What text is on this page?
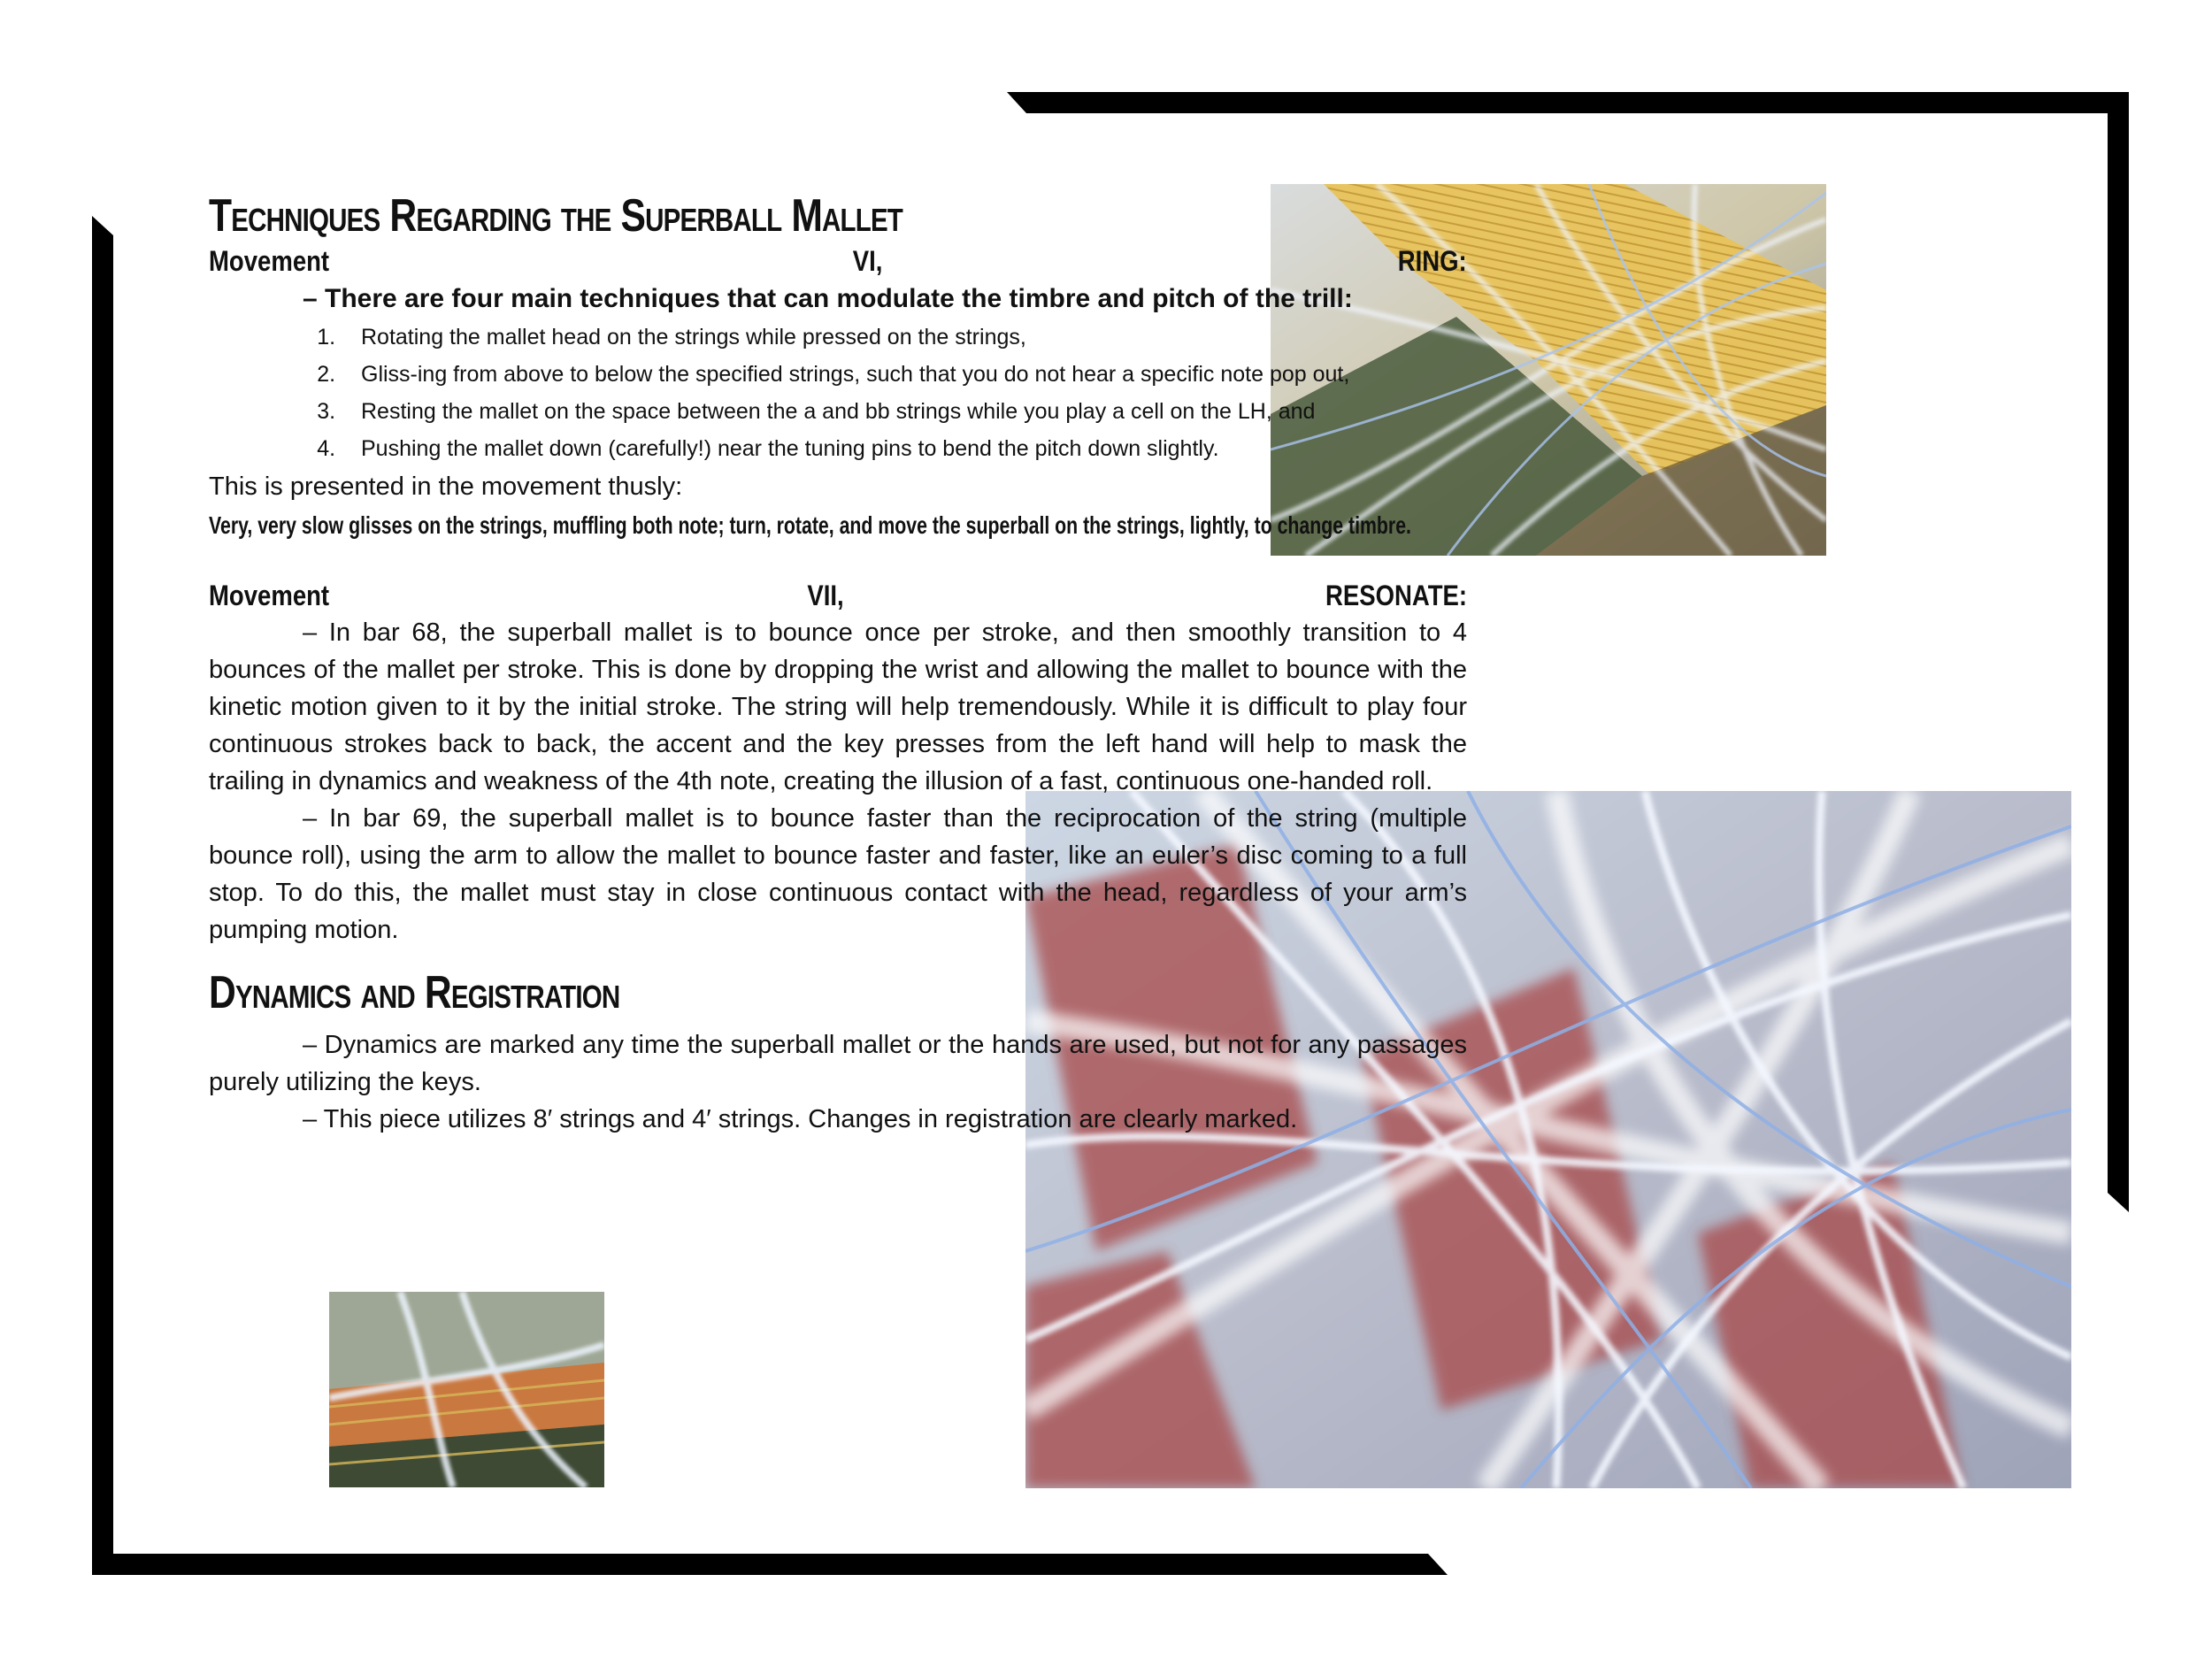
Techniques Regarding the Superball Mallet
Movement	VI,	RING:
– There are four main techniques that can modulate the timbre and pitch of the trill:
1. Rotating the mallet head on the strings while pressed on the strings,
2. Gliss-ing from above to below the specified strings, such that you do not hear a specific note pop out,
3. Resting the mallet on the space between the a and bb strings while you play a cell on the LH, and
4. Pushing the mallet down (carefully!) near the tuning pins to bend the pitch down slightly.
This is presented in the movement thusly:
Very, very slow glisses on the strings, muffling both note; turn, rotate, and move the superball on the strings, lightly, to change timbre.
Movement	VII,	RESONATE:

– In bar 68, the superball mallet is to bounce once per stroke, and then smoothly transition to 4 bounces of the mallet per stroke. This is done by dropping the wrist and allowing the mallet to bounce with the kinetic motion given to it by the initial stroke. The string will help tremendously. While it is difficult to play four continuous strokes back to back, the accent and the key presses from the left hand will help to mask the trailing in dynamics and weakness of the 4th note, creating the illusion of a fast, continuous one-handed roll.

– In bar 69, the superball mallet is to bounce faster than the reciprocation of the string (multiple bounce roll), using the arm to allow the mallet to bounce faster and faster, like an euler’s disc coming to a full stop. To do this, the mallet must stay in close continuous contact with the head, regardless of your arm’s pumping motion.

Dynamics and Registration

– Dynamics are marked any time the superball mallet or the hands are used, but not for any passages purely utilizing the keys.

– This piece utilizes 8′ strings and 4′ strings. Changes in registration are clearly marked.
